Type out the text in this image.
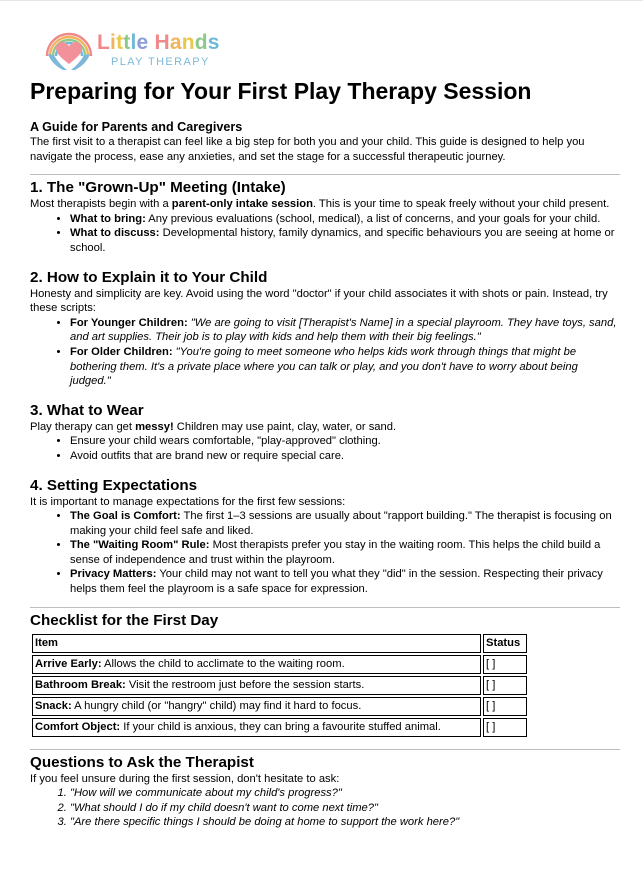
Little Hands
PLAY THERAPY
Preparing for Your First Play Therapy Session

A Guide for Parents and Caregivers

The first visit to a therapist can feel like a big step for both you and your child. This guide is designed to help you navigate the process, ease any anxieties, and set the stage for a successful therapeutic journey.

1. The "Grown-Up" Meeting (Intake)

Most therapists begin with a parent-only intake session. This is your time to speak freely without your child present.

• What to bring: Any previous evaluations (school, medical), a list of concerns, and your goals for your child.
• What to discuss: Developmental history, family dynamics, and specific behaviours you are seeing at home or school.
2. How to Explain it to Your Child

Honesty and simplicity are key. Avoid using the word "doctor" if your child associates it with shots or pain. Instead, try these scripts:

• For Younger Children: "We are going to visit [Therapist's Name] in a special playroom. They have toys, sand, and art supplies. Their job is to play with kids and help them with their big feelings."
• For Older Children: "You're going to meet someone who helps kids work through things that might be bothering them. It's a private place where you can talk or play, and you don't have to worry about being judged."
3. What to Wear

Play therapy can get messy! Children may use paint, clay, water, or sand.

• Ensure your child wears comfortable, "play-approved" clothing.
• Avoid outfits that are brand new or require special care.
4. Setting Expectations

It is important to manage expectations for the first few sessions:

• The Goal is Comfort: The first 1–3 sessions are usually about "rapport building." The therapist is focusing on making your child feel safe and liked.
• The "Waiting Room" Rule: Most therapists prefer you stay in the waiting room. This helps the child build a sense of independence and trust within the playroom.
• Privacy Matters: Your child may not want to tell you what they "did" in the session. Respecting their privacy helps them feel the playroom is a safe space for expression.
Checklist for the First Day
Item	Status
Arrive Early: Allows the child to acclimate to the waiting room.	[ ]
Bathroom Break: Visit the restroom just before the session starts.	[ ]
Snack: A hungry child (or "hangry" child) may find it hard to focus.	[ ]
Comfort Object: If your child is anxious, they can bring a favourite stuffed animal.	[ ]
Questions to Ask the Therapist

If you feel unsure during the first session, don't hesitate to ask:

1. "How will we communicate about my child's progress?"
2. "What should I do if my child doesn't want to come next time?"
3. "Are there specific things I should be doing at home to support the work here?"
